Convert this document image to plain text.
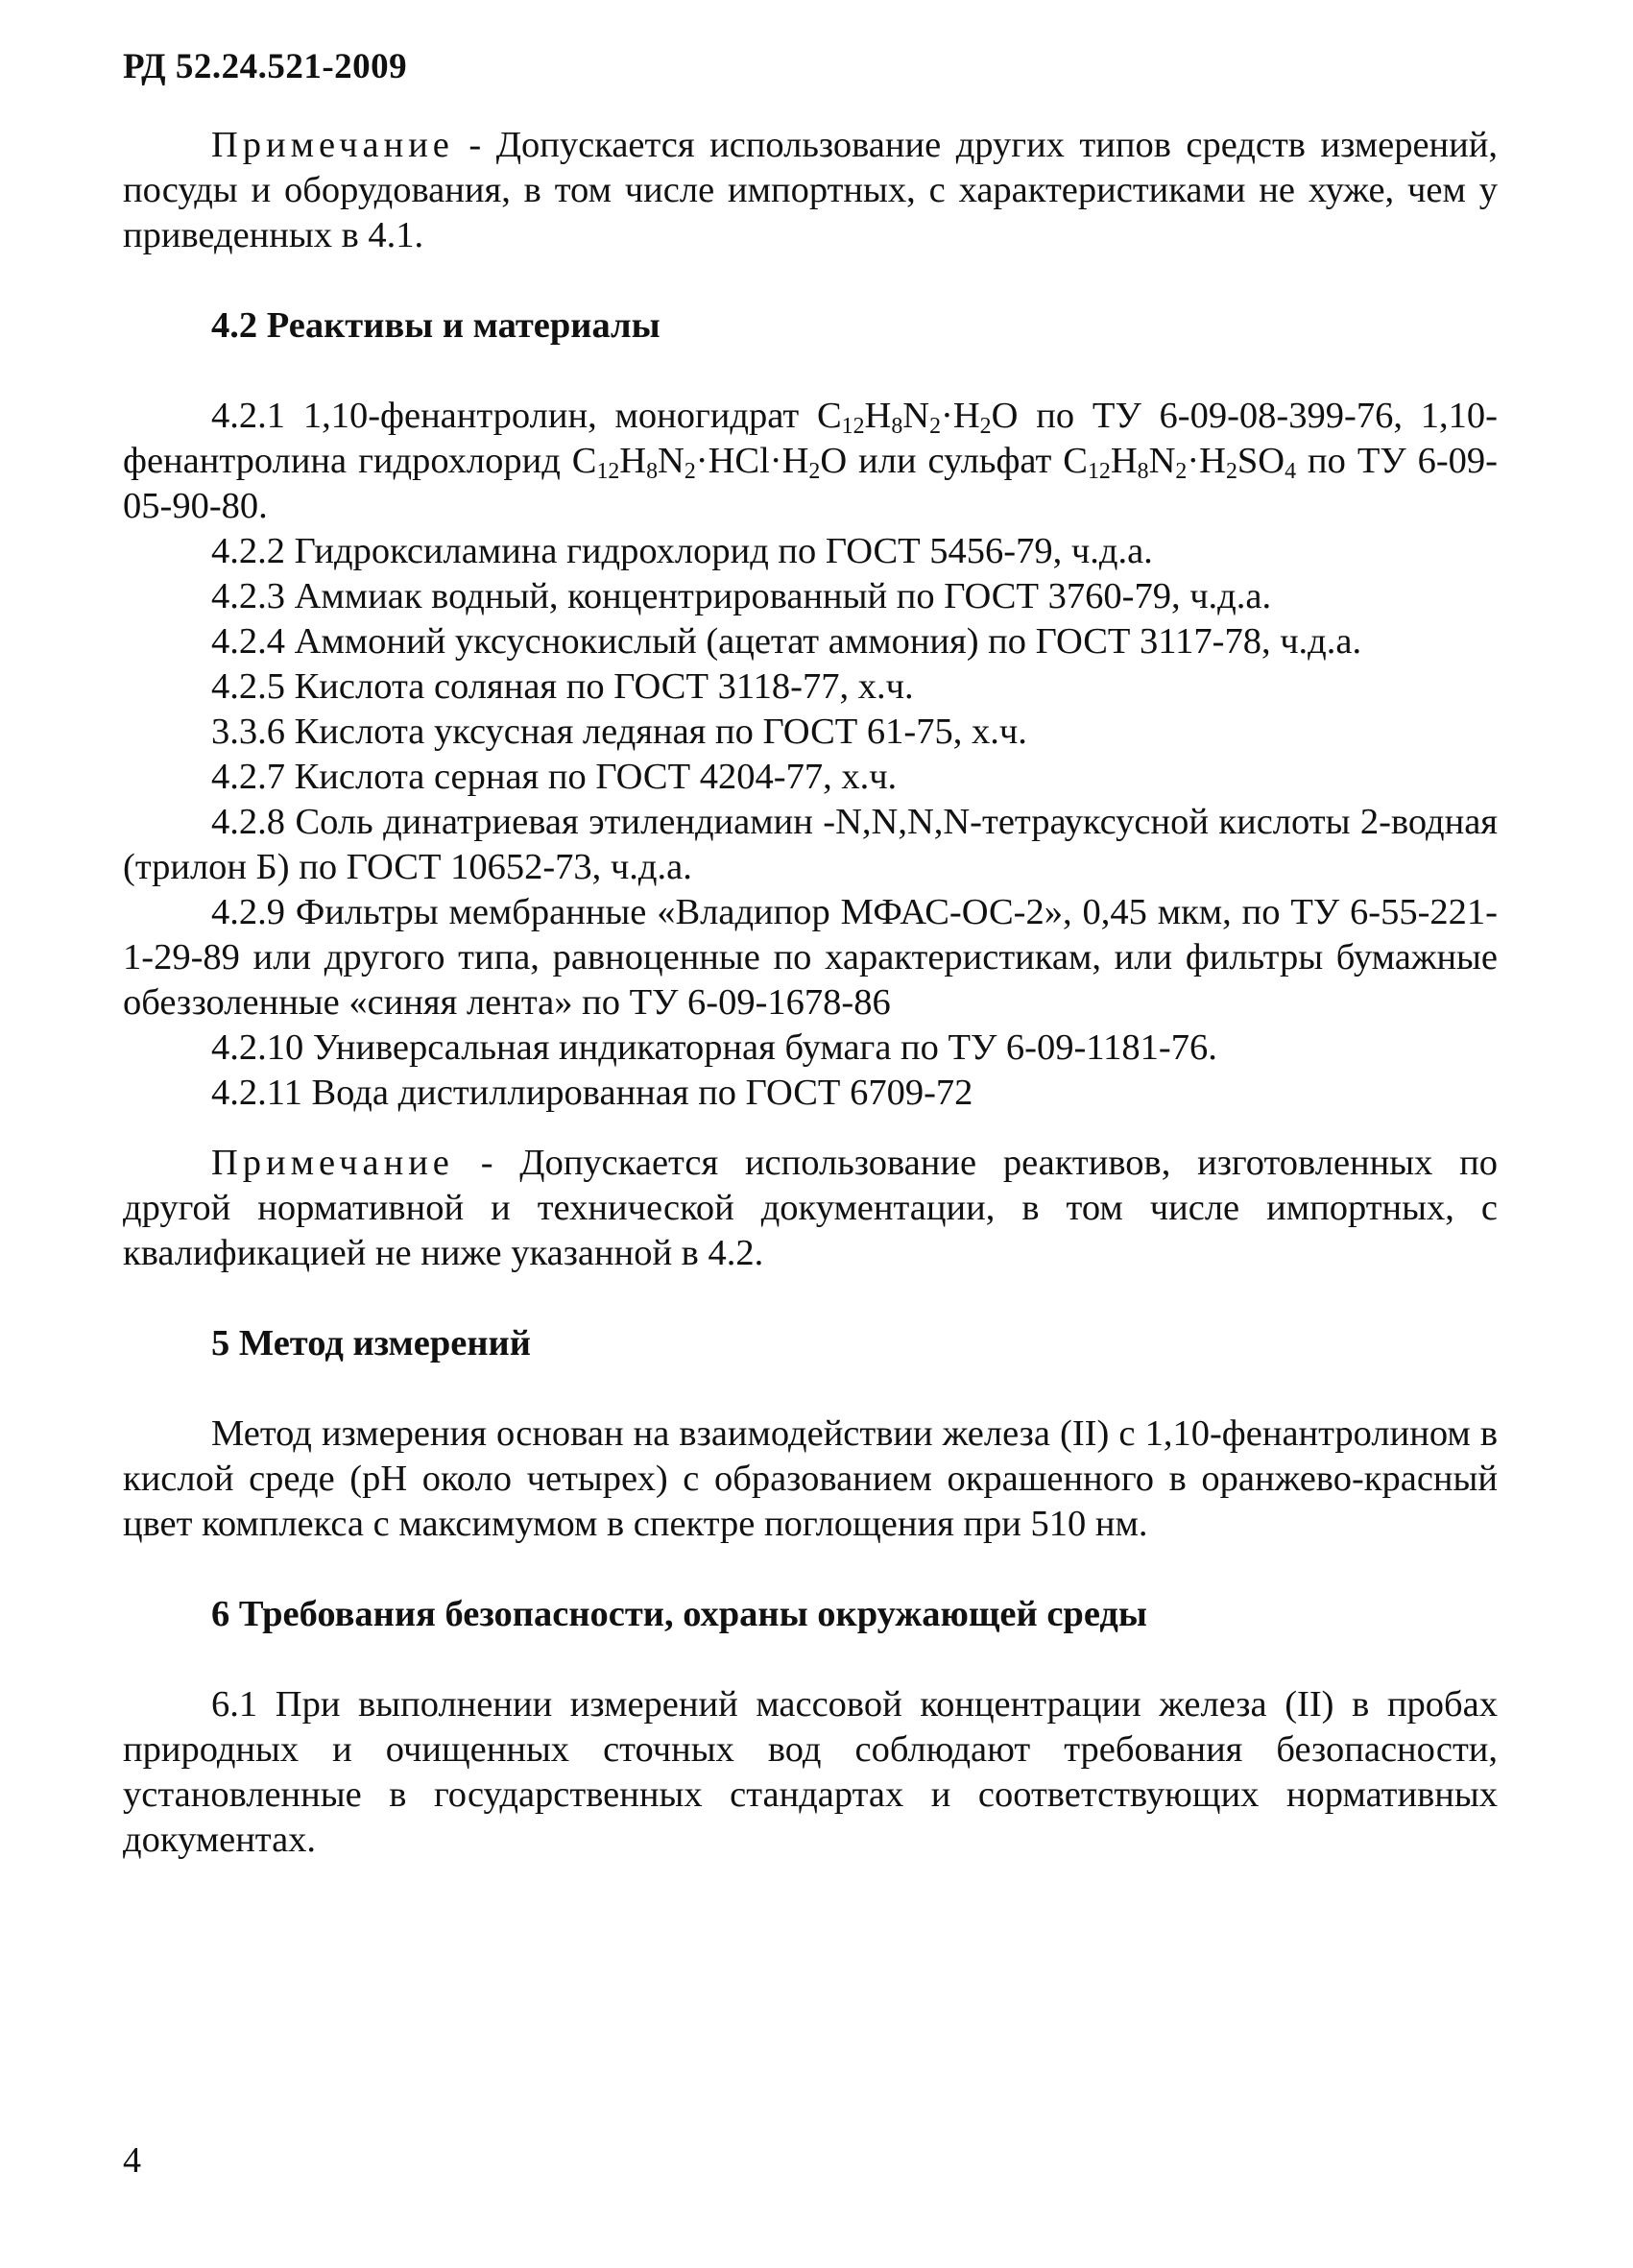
РД 52.24.521-2009

Примечание - Допускается использование других типов средств измерений, посуды и оборудования, в том числе импортных, с характеристиками не хуже, чем у приведенных в 4.1.

4.2 Реактивы и материалы

4.2.1 1,10-фенантролин, моногидрат $C_{12}H_8N_2\cdot H_2O$ по ТУ 6-09-08-399-76, 1,10-фенантролина гидрохлорид $C_{12}H_8N_2\cdot HCl\cdot H_2O$ или сульфат $C_{12}H_8N_2\cdot H_2SO_4$ по ТУ 6-09-05-90-80.

4.2.2 Гидроксиламина гидрохлорид по ГОСТ 5456-79, ч.д.а.

4.2.3 Аммиак водный, концентрированный по ГОСТ 3760-79, ч.д.а.

4.2.4 Аммоний уксуснокислый (ацетат аммония) по ГОСТ 3117-78, ч.д.а.

4.2.5 Кислота соляная по ГОСТ 3118-77, х.ч.

3.3.6 Кислота уксусная ледяная по ГОСТ 61-75, х.ч.

4.2.7 Кислота серная по ГОСТ 4204-77, х.ч.

4.2.8 Соль динатриевая этилендиамин -N,N,N,N-тетрауксусной кислоты 2-водная (трилон Б) по ГОСТ 10652-73, ч.д.а.

4.2.9 Фильтры мембранные «Владипор МФАС-ОС-2», 0,45 мкм, по ТУ 6-55-221-1-29-89 или другого типа, равноценные по характеристикам, или фильтры бумажные обеззоленные «синяя лента» по ТУ 6-09-1678-86

4.2.10 Универсальная индикаторная бумага по ТУ 6-09-1181-76.

4.2.11 Вода дистиллированная по ГОСТ 6709-72

Примечание - Допускается использование реактивов, изготовленных по другой нормативной и технической документации, в том числе импортных, с квалификацией не ниже указанной в 4.2.

5 Метод измерений

Метод измерения основан на взаимодействии железа (II) с 1,10-фенантролином в кислой среде (рН около четырех) с образованием окрашенного в оранжево-красный цвет комплекса с максимумом в спектре поглощения при 510 нм.

6 Требования безопасности, охраны окружающей среды

6.1 При выполнении измерений массовой концентрации железа (II) в пробах природных и очищенных сточных вод соблюдают требования безопасности, установленные в государственных стандартах и соответствующих нормативных документах.

4
